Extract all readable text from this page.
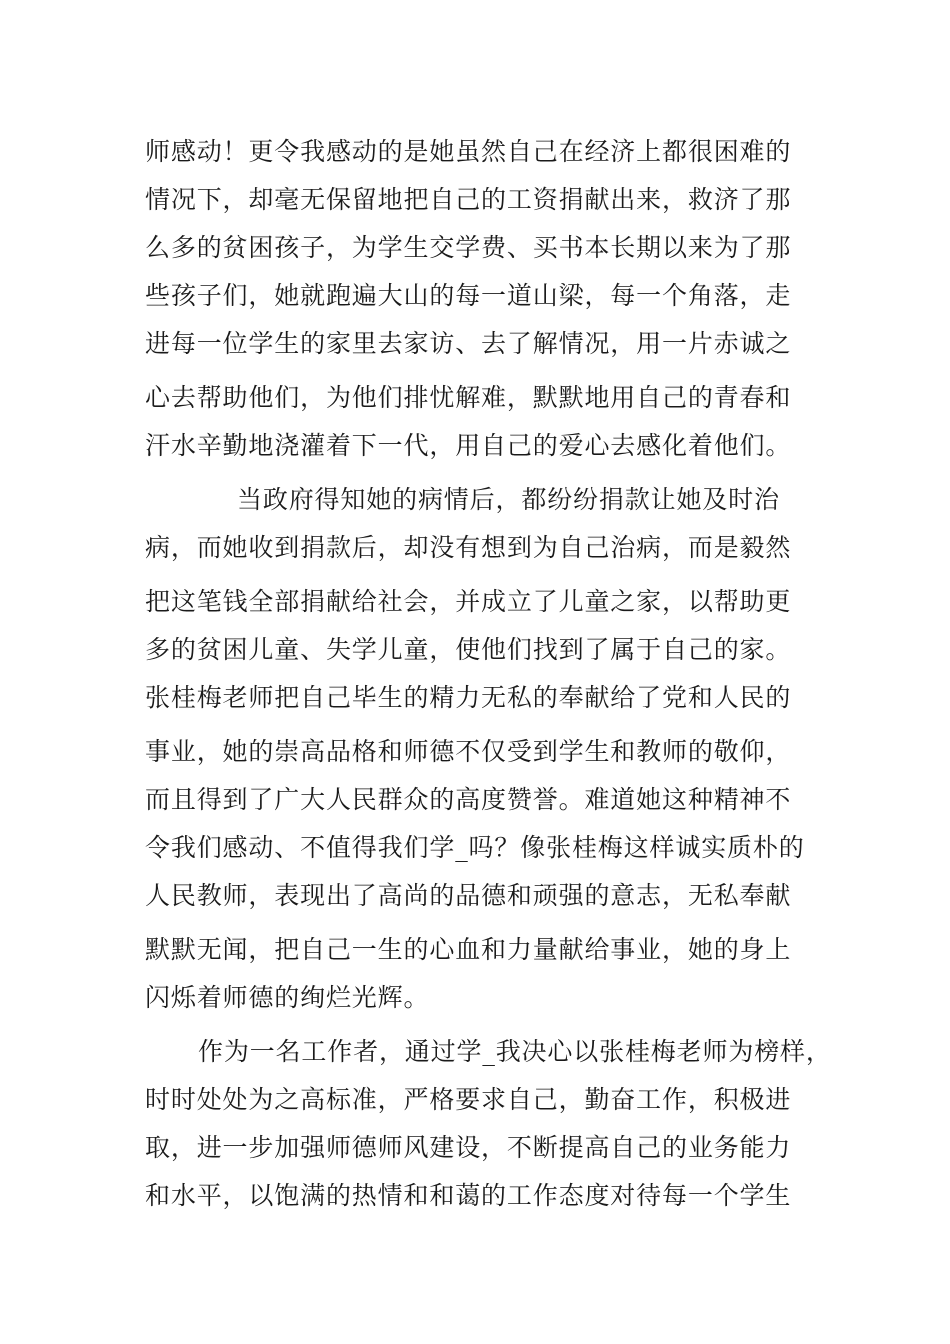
师感动！更令我感动的是她虽然自己在经济上都很困难的
情况下，却毫无保留地把自己的工资捐献出来，救济了那
么多的贫困孩子，为学生交学费、买书本长期以来为了那
些孩子们，她就跑遍大山的每一道山梁，每一个角落，走
进每一位学生的家里去家访、去了解情况，用一片赤诚之
心去帮助他们，为他们排忧解难，默默地用自己的青春和
汗水辛勤地浇灌着下一代，用自己的爱心去感化着他们。
当政府得知她的病情后，都纷纷捐款让她及时治
病，而她收到捐款后，却没有想到为自己治病，而是毅然
把这笔钱全部捐献给社会，并成立了儿童之家，以帮助更
多的贫困儿童、失学儿童，使他们找到了属于自己的家。
张桂梅老师把自己毕生的精力无私的奉献给了党和人民的
事业，她的崇高品格和师德不仅受到学生和教师的敬仰，
而且得到了广大人民群众的高度赞誉。难道她这种精神不
令我们感动、不值得我们学_吗？像张桂梅这样诚实质朴的
人民教师，表现出了高尚的品德和顽强的意志，无私奉献
默默无闻，把自己一生的心血和力量献给事业，她的身上
闪烁着师德的绚烂光辉。
作为一名工作者，通过学_我决心以张桂梅老师为榜样，
时时处处为之高标准，严格要求自己，勤奋工作，积极进
取，进一步加强师德师风建设，不断提高自己的业务能力
和水平，以饱满的热情和和蔼的工作态度对待每一个学生
